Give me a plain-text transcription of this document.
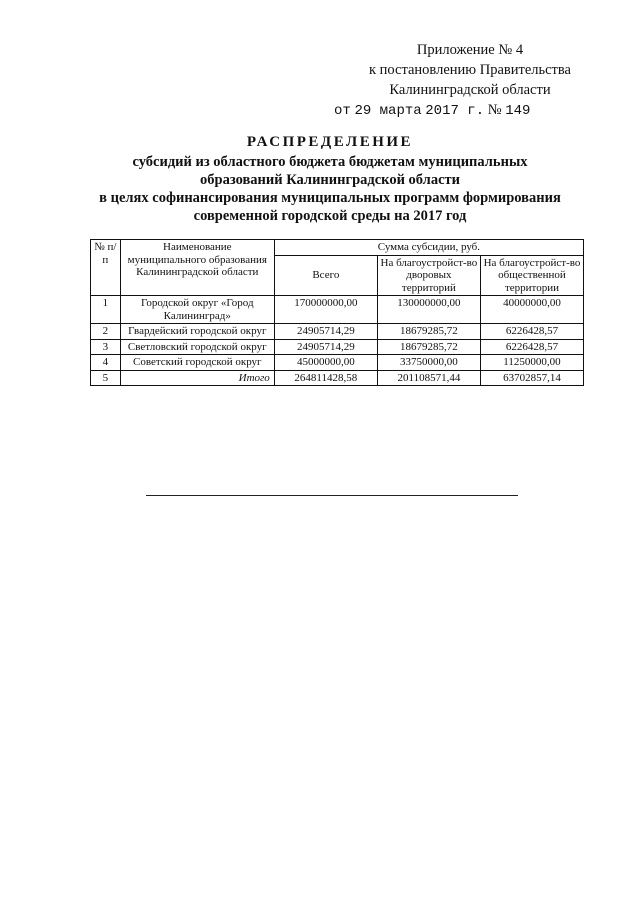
Приложение № 4
к постановлению Правительства
Калининградской области
от 29 марта 2017 г. № 149
РАСПРЕДЕЛЕНИЕ
субсидий из областного бюджета бюджетам муниципальных
образований Калининградской области
в целях софинансирования муниципальных программ формирования
современной городской среды на 2017 год
№ п/п	Наименование муниципального образования Калининградской области	Сумма субсидии, руб.		
		Всего	На благоустройст-во дворовых территорий	На благоустройст-во общественной территории
1	Городской округ «Город Калининград»	170000000,00	130000000,00	40000000,00
2	Гвардейский городской округ	24905714,29	18679285,72	6226428,57
3	Светловский городской округ	24905714,29	18679285,72	6226428,57
4	Советский городской округ	45000000,00	33750000,00	11250000,00
5	Итого	264811428,58	201108571,44	63702857,14
